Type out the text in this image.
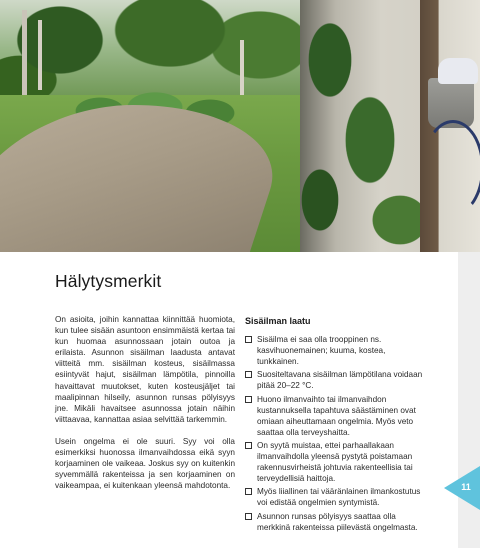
Hälytysmerkit

On asioita, joihin kannattaa kiinnittää huomiota, kun tulee sisään asuntoon ensimmäistä kertaa tai kun huomaa asunnossaan jotain outoa ja erilaista. Asunnon sisäilman laadusta antavat viitteitä mm. sisäilman kosteus, sisäilmassa esiintyvät hajut, sisäilman lämpötila, pinnoilla havaittavat muutokset, kuten kosteusjäljet tai maalipinnan hilseily, asunnon runsas pölyisyys jne. Mikäli havaitsee asunnossa jotain näihin viittaavaa, kannattaa asiaa selvittää tarkemmin.

Usein ongelma ei ole suuri. Syy voi olla esimerkiksi huonossa ilmanvaihdossa eikä syyn korjaaminen ole vaikeaa. Joskus syy on kuitenkin syvemmällä rakenteissa ja sen korjaaminen on vaikeampaa, ei kuitenkaan yleensä mahdotonta.

Sisäilman laatu
Sisäilma ei saa olla trooppinen ns. kasvihuonemainen; kuuma, kostea, tunkkainen.
Suositeltavana sisäilman lämpötilana voidaan pitää 20–22 °C.
Huono ilmanvaihto tai ilmanvaihdon kustannuksella tapahtuva säästäminen ovat omiaan aiheuttamaan ongelmia. Myös veto saattaa olla terveyshaitta.
On syytä muistaa, ettei parhaallakaan ilmanvaihdolla yleensä pystytä poistamaan rakennusvirheistä johtuvia rakenteellisia tai terveydellisiä haittoja.
Myös liiallinen tai vääränlainen ilmankostutus voi edistää ongelmien syntymistä.
Asunnon runsas pölyisyys saattaa olla merkkinä rakenteissa piilevästä ongelmasta.
11
